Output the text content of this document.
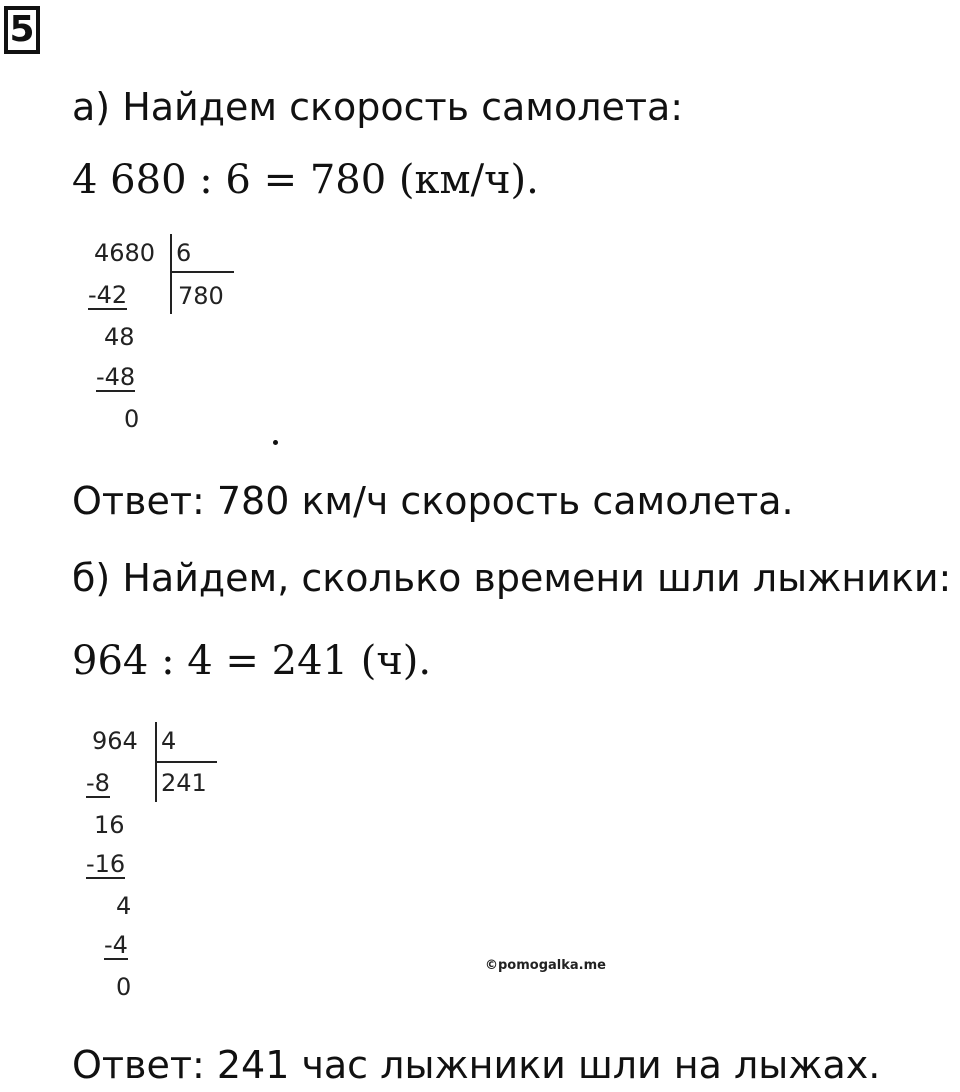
5
а) Найдем скорость самолета:
4 680 : 6 = 780 (км/ч).
4680 6
780
-42
48
-48
0
Ответ: 780 км/ч скорость самолета.
б) Найдем, сколько времени шли лыжники:
964 : 4 = 241 (ч).
964 4
241
-8
16
-16
4
-4
0
©pomogalka.me
Ответ: 241 час лыжники шли на лыжах.
